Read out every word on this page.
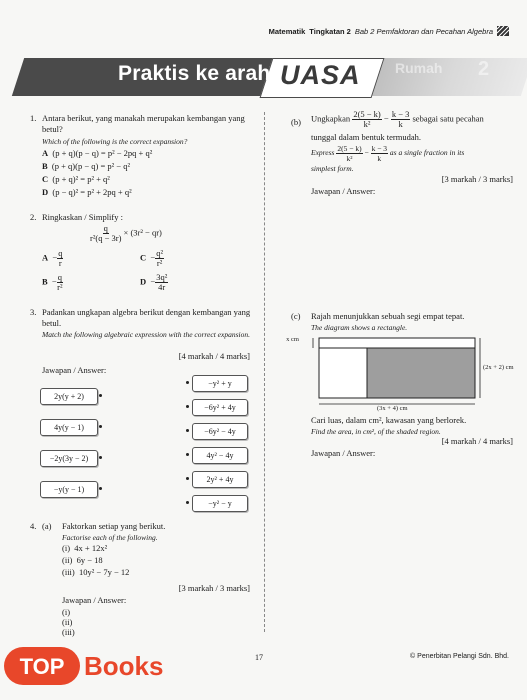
Matematik Tingkatan 2 Bab 2 Pemfaktoran dan Pecahan Algebra
Rumah 2
Praktis ke arah UASA
1. Antara berikut, yang manakah merupakan kembangan yang betul?
Which of the following is the correct expansion?
A (p + q)(p − q) = p² − 2pq + q²
B (p + q)(p − q) = p² − q²
C (p + q)² = p² + q²
D (p − q)² = p² + 2pq + q²
2. Ringkaskan / Simplify :
$\frac{q}{\text{r²(q − 3r)}} \times (3r^2 - qr)$
$A - \frac{q}{r}$	$C - \frac{\text{q²}}{\text{r²}}$
$B - \frac{q}{\text{r²}}$	$D - \frac{\text{3q²}}{4r}$
3. Padankan ungkapan algebra berikut dengan kembangan yang betul.
Match the following algebraic expression with the correct expansion.
[4 markah / 4 marks]
Jawapan / Answer:
2y(y + 2)
4y(y − 1)
−2y(3y − 2)
−y(y − 1)
−y² + y
−6y² + 4y
−6y² − 4y
4y² − 4y
2y² + 4y
−y² − y
4. (a) Faktorkan setiap yang berikut.
Factorise each of the following.
(i) 4x + 12x²
(ii) 6y − 18
(iii) 10y² − 7y − 12
[3 markah / 3 marks]
Jawapan / Answer:
(i)
(ii)
(iii)
(b) Ungkapkan $\frac{2(5 - k)}{\text{k²}} - \frac{k - 3}{k}$ sebagai satu pecahan
tunggal dalam bentuk termudah.
Express $\frac{2(5 - k)}{\text{k²}} - \frac{k - 3}{k}$ as a single fraction in its
simplest form.
[3 markah / 3 marks]
Jawapan / Answer:
(c) Rajah menunjukkan sebuah segi empat tepat.
The diagram shows a rectangle.
x cm
(2x + 2) cm
(3x + 4) cm
Cari luas, dalam cm², kawasan yang berlorek.
Find the area, in cm², of the shaded region.
[4 markah / 4 marks]
Jawapan / Answer:
17	© Penerbitan Pelangi Sdn. Bhd.
TOP Books
